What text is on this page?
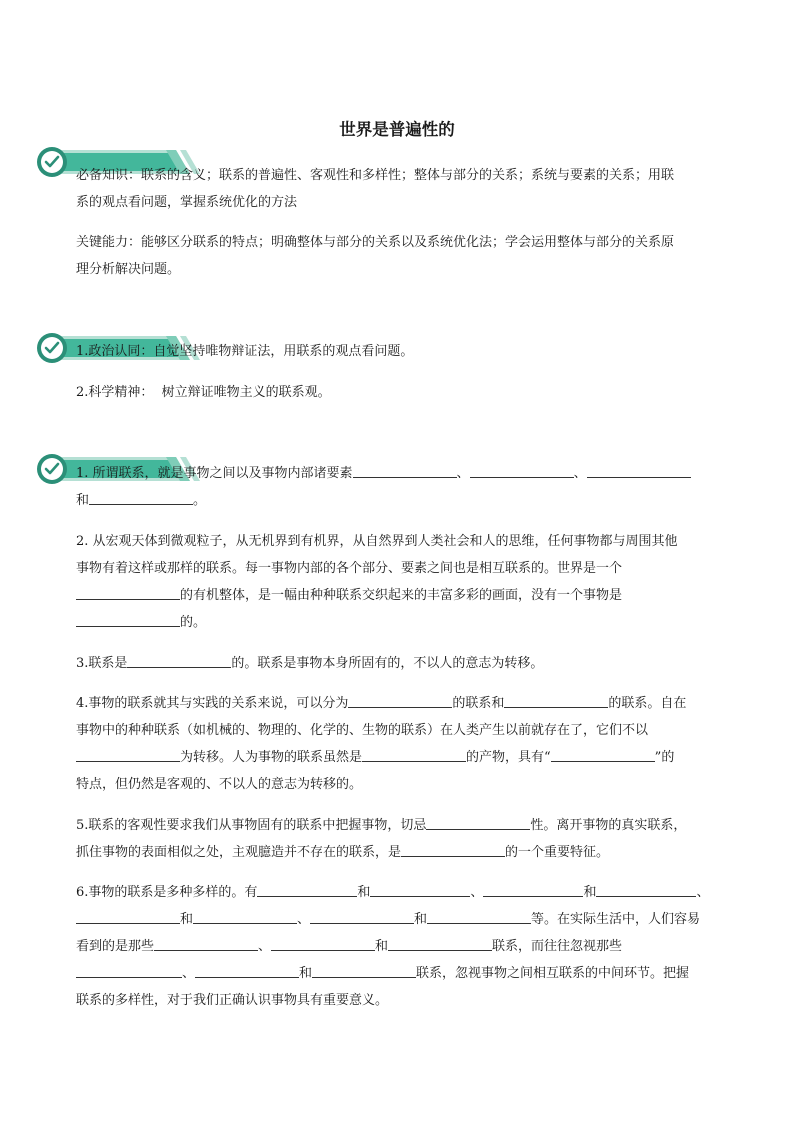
世界是普遍性的

必备知识：联系的含义；联系的普遍性、客观性和多样性；整体与部分的关系；系统与要素的关系；用联
系的观点看问题，掌握系统优化的方法

关键能力：能够区分联系的特点；明确整体与部分的关系以及系统优化法；学会运用整体与部分的关系原
理分析解决问题。

1.政治认同：自觉坚持唯物辩证法，用联系的观点看问题。

2.科学精神： 树立辩证唯物主义的联系观。

1. 所谓联系，就是事物之间以及事物内部诸要素	、	、
和	。

2. 从宏观天体到微观粒子，从无机界到有机界，从自然界到人类社会和人的思维，任何事物都与周围其他
事物有着这样或那样的联系。每一事物内部的各个部分、要素之间也是相互联系的。世界是一个
的有机整体，是一幅由种种联系交织起来的丰富多彩的画面，没有一个事物是
的。

3.联系是	的。联系是事物本身所固有的，不以人的意志为转移。

4.事物的联系就其与实践的关系来说，可以分为	的联系和	的联系。自在
事物中的种种联系（如机械的、物理的、化学的、生物的联系）在人类产生以前就存在了，它们不以
为转移。人为事物的联系虽然是	的产物，具有“	”的
特点，但仍然是客观的、不以人的意志为转移的。

5.联系的客观性要求我们从事物固有的联系中把握事物，切忌	性。离开事物的真实联系，
抓住事物的表面相似之处，主观臆造并不存在的联系，是	的一个重要特征。

6.事物的联系是多种多样的。有	和	、	和	、
和	、	和	等。在实际生活中，人们容易
看到的是那些	、	和	联系，而往往忽视那些
、	和	联系，忽视事物之间相互联系的中间环节。把握
联系的多样性，对于我们正确认识事物具有重要意义。
